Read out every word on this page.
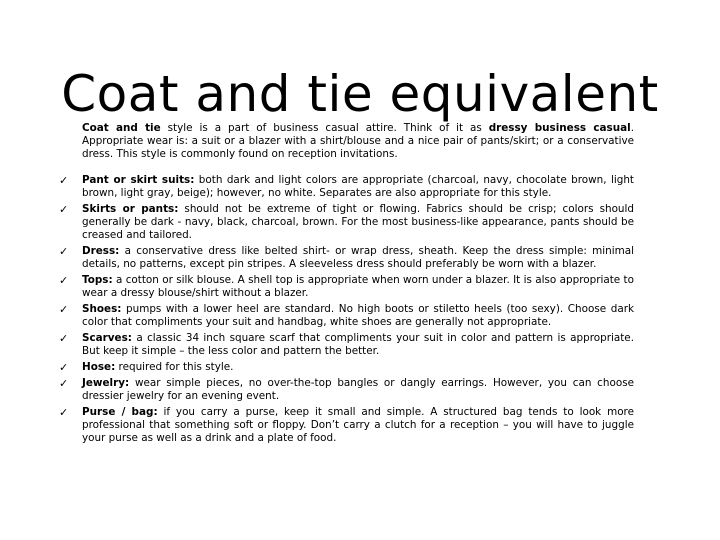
Coat and tie equivalent

Coat and tie style is a part of business casual attire. Think of it as dressy business casual. Appropriate wear is: a suit or a blazer with a shirt/blouse and a nice pair of pants/skirt; or a conservative dress. This style is commonly found on reception invitations.

✓ Pant or skirt suits: both dark and light colors are appropriate (charcoal, navy, chocolate brown, light brown, light gray, beige); however, no white. Separates are also appropriate for this style.
✓ Skirts or pants: should not be extreme of tight or flowing. Fabrics should be crisp; colors should generally be dark - navy, black, charcoal, brown. For the most business-like appearance, pants should be creased and tailored.
✓ Dress: a conservative dress like belted shirt- or wrap dress, sheath. Keep the dress simple: minimal details, no patterns, except pin stripes. A sleeveless dress should preferably be worn with a blazer.
✓ Tops: a cotton or silk blouse. A shell top is appropriate when worn under a blazer. It is also appropriate to wear a dressy blouse/shirt without a blazer.
✓ Shoes: pumps with a lower heel are standard. No high boots or stiletto heels (too sexy). Choose dark color that compliments your suit and handbag, white shoes are generally not appropriate.
✓ Scarves: a classic 34 inch square scarf that compliments your suit in color and pattern is appropriate. But keep it simple – the less color and pattern the better.
✓ Hose: required for this style.
✓ Jewelry: wear simple pieces, no over-the-top bangles or dangly earrings. However, you can choose dressier jewelry for an evening event.
✓ Purse / bag: if you carry a purse, keep it small and simple. A structured bag tends to look more professional that something soft or floppy. Don’t carry a clutch for a reception – you will have to juggle your purse as well as a drink and a plate of food.
